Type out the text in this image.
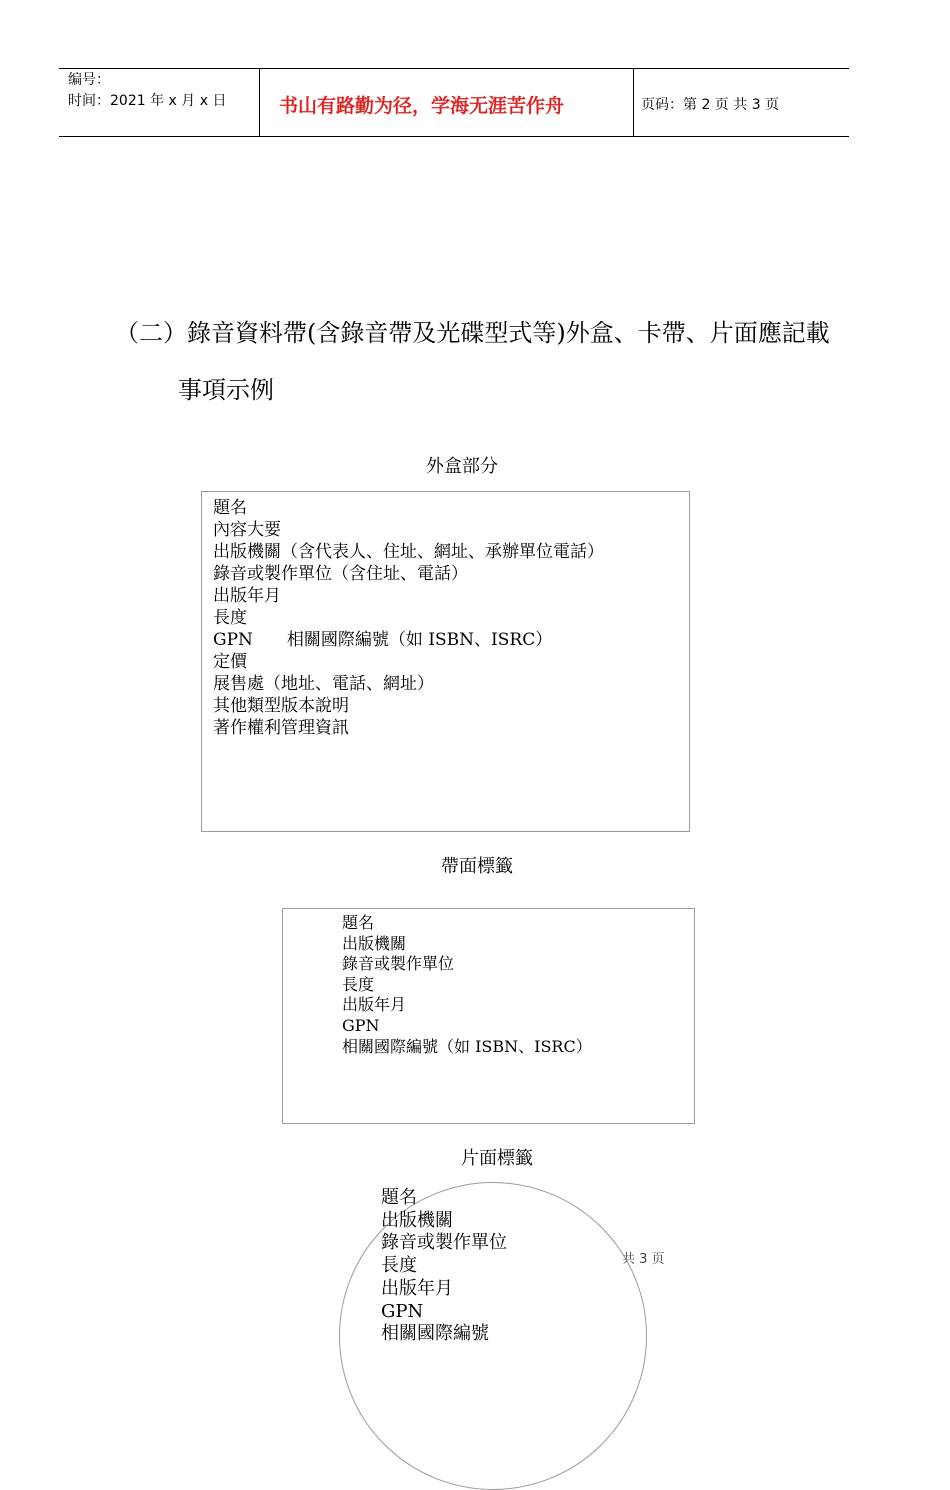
编号：
时间：2021 年 x 月 x 日	书山有路勤为径，学海无涯苦作舟	页码：第 2 页 共 3 页
（二）錄音資料帶(含錄音帶及光碟型式等)外盒、卡帶、片面應記載
事項示例
外盒部分
題名
內容大要
出版機關（含代表人、住址、網址、承辦單位電話）
錄音或製作單位（含住址、電話）
出版年月
長度
GPN 相關國際編號（如 ISBN、ISRC）
定價
展售處（地址、電話、網址）
其他類型版本說明
著作權利管理資訊
帶面標籤
題名
出版機關
錄音或製作單位
長度
出版年月
GPN
相關國際編號（如 ISBN、ISRC）
片面標籤
共 3 页
題名
出版機關
錄音或製作單位
長度
出版年月
GPN
相關國際編號
